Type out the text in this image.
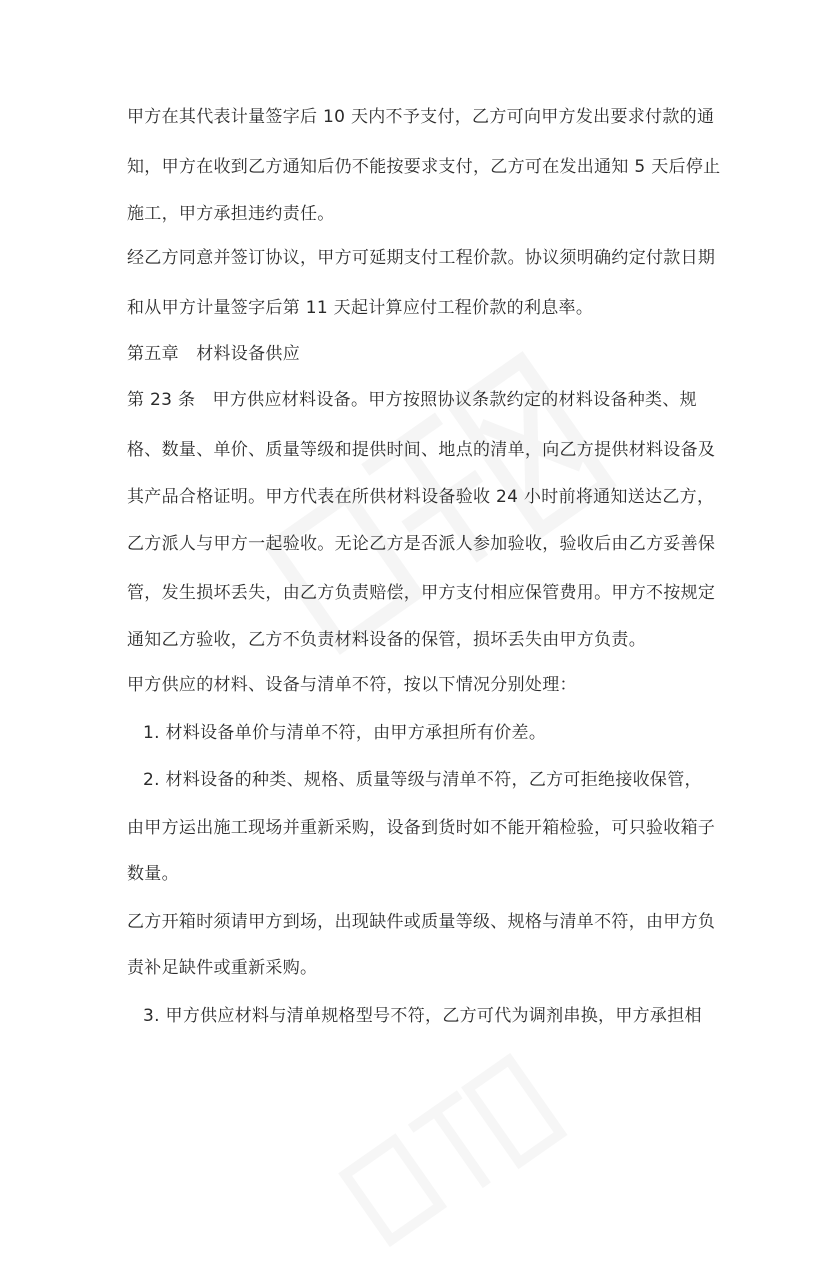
甲方在其代表计量签字后 10 天内不予支付，乙方可向甲方发出要求付款的通
知，甲方在收到乙方通知后仍不能按要求支付，乙方可在发出通知 5 天后停止
施工，甲方承担违约责任。
经乙方同意并签订协议，甲方可延期支付工程价款。协议须明确约定付款日期
和从甲方计量签字后第 11 天起计算应付工程价款的利息率。
第五章　材料设备供应
第 23 条　甲方供应材料设备。甲方按照协议条款约定的材料设备种类、规
格、数量、单价、质量等级和提供时间、地点的清单，向乙方提供材料设备及
其产品合格证明。甲方代表在所供材料设备验收 24 小时前将通知送达乙方，
乙方派人与甲方一起验收。无论乙方是否派人参加验收，验收后由乙方妥善保
管，发生损坏丢失，由乙方负责赔偿，甲方支付相应保管费用。甲方不按规定
通知乙方验收，乙方不负责材料设备的保管，损坏丢失由甲方负责。
甲方供应的材料、设备与清单不符，按以下情况分别处理：
1. 材料设备单价与清单不符，由甲方承担所有价差。
2. 材料设备的种类、规格、质量等级与清单不符，乙方可拒绝接收保管，
由甲方运出施工现场并重新采购，设备到货时如不能开箱检验，可只验收箱子
数量。
乙方开箱时须请甲方到场，出现缺件或质量等级、规格与清单不符，由甲方负
责补足缺件或重新采购。
3. 甲方供应材料与清单规格型号不符，乙方可代为调剂串换，甲方承担相
